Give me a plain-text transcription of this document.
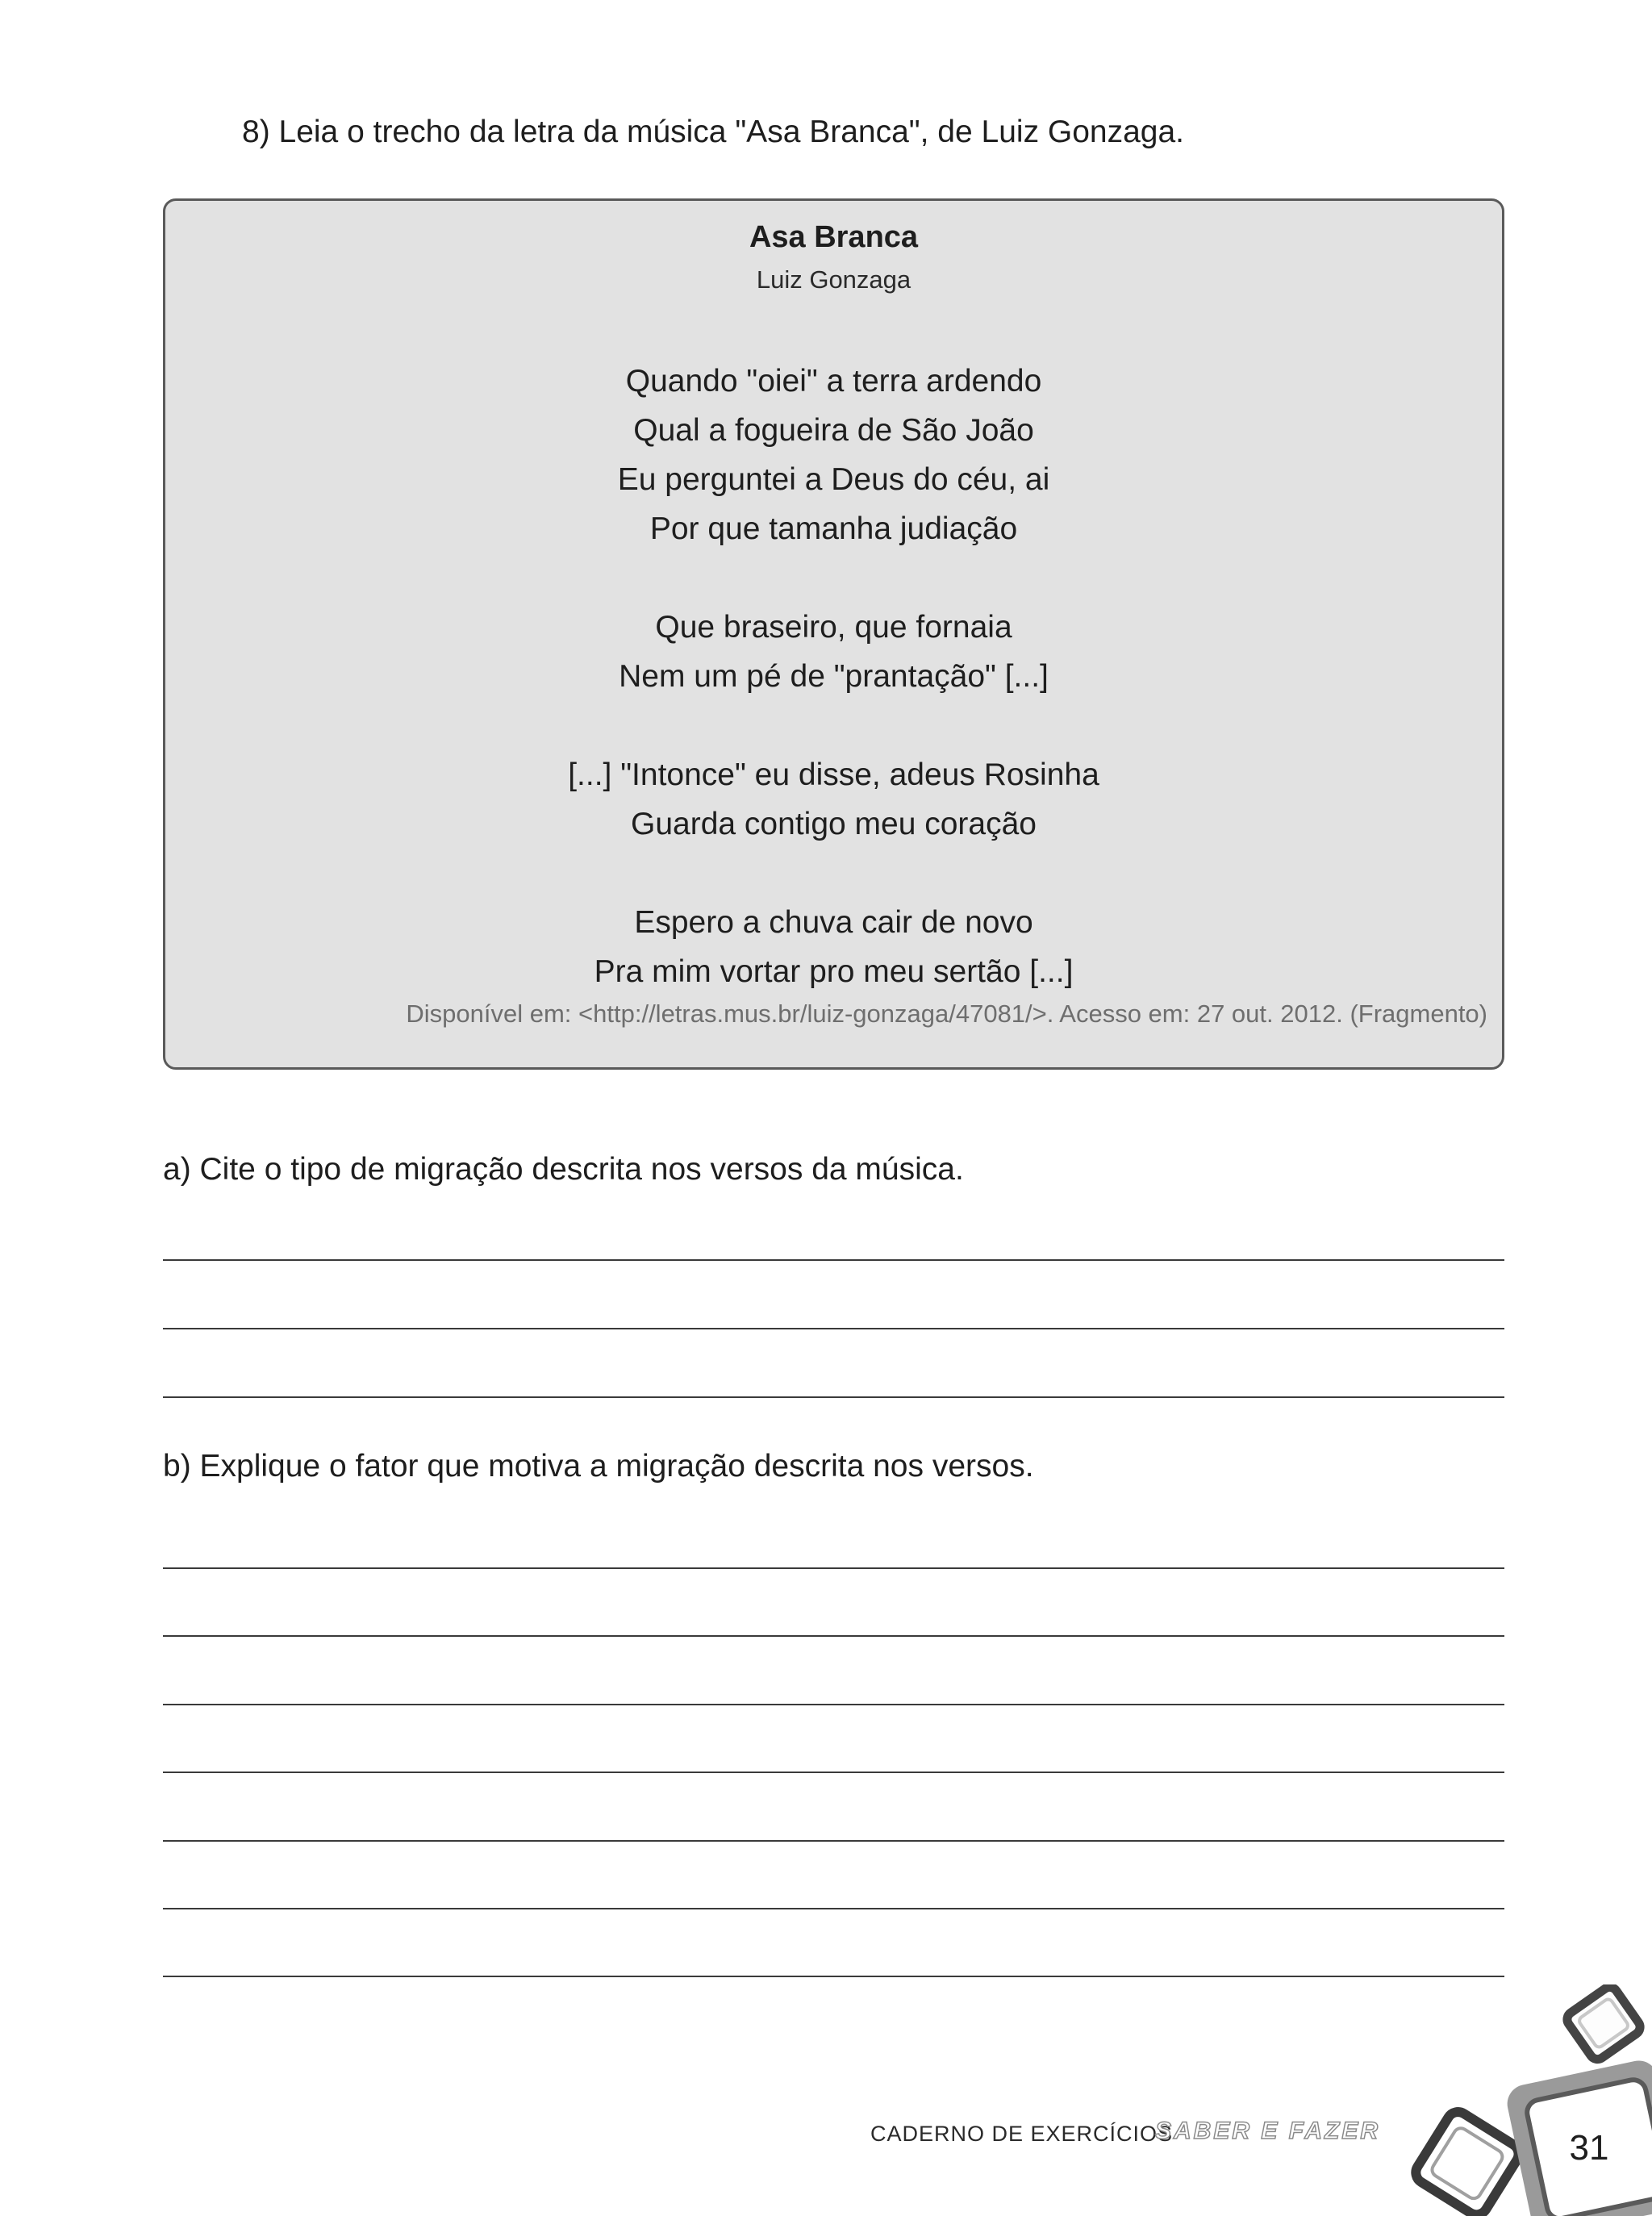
8) Leia o trecho da letra da música "Asa Branca", de Luiz Gonzaga.
Asa Branca
Luiz Gonzaga
Quando "oiei" a terra ardendo
Qual a fogueira de São João
Eu perguntei a Deus do céu, ai
Por que tamanha judiação
Que braseiro, que fornaia
Nem um pé de "prantação" [...]
[...] "Intonce" eu disse, adeus Rosinha
Guarda contigo meu coração
Espero a chuva cair de novo
Pra mim vortar pro meu sertão [...]
Disponível em: <http://letras.mus.br/luiz-gonzaga/47081/>. Acesso em: 27 out. 2012. (Fragmento)
a) Cite o tipo de migração descrita nos versos da música.
b) Explique o fator que motiva a migração descrita nos versos.
CADERNO DE EXERCÍCIOS
SABER E FAZER	31
